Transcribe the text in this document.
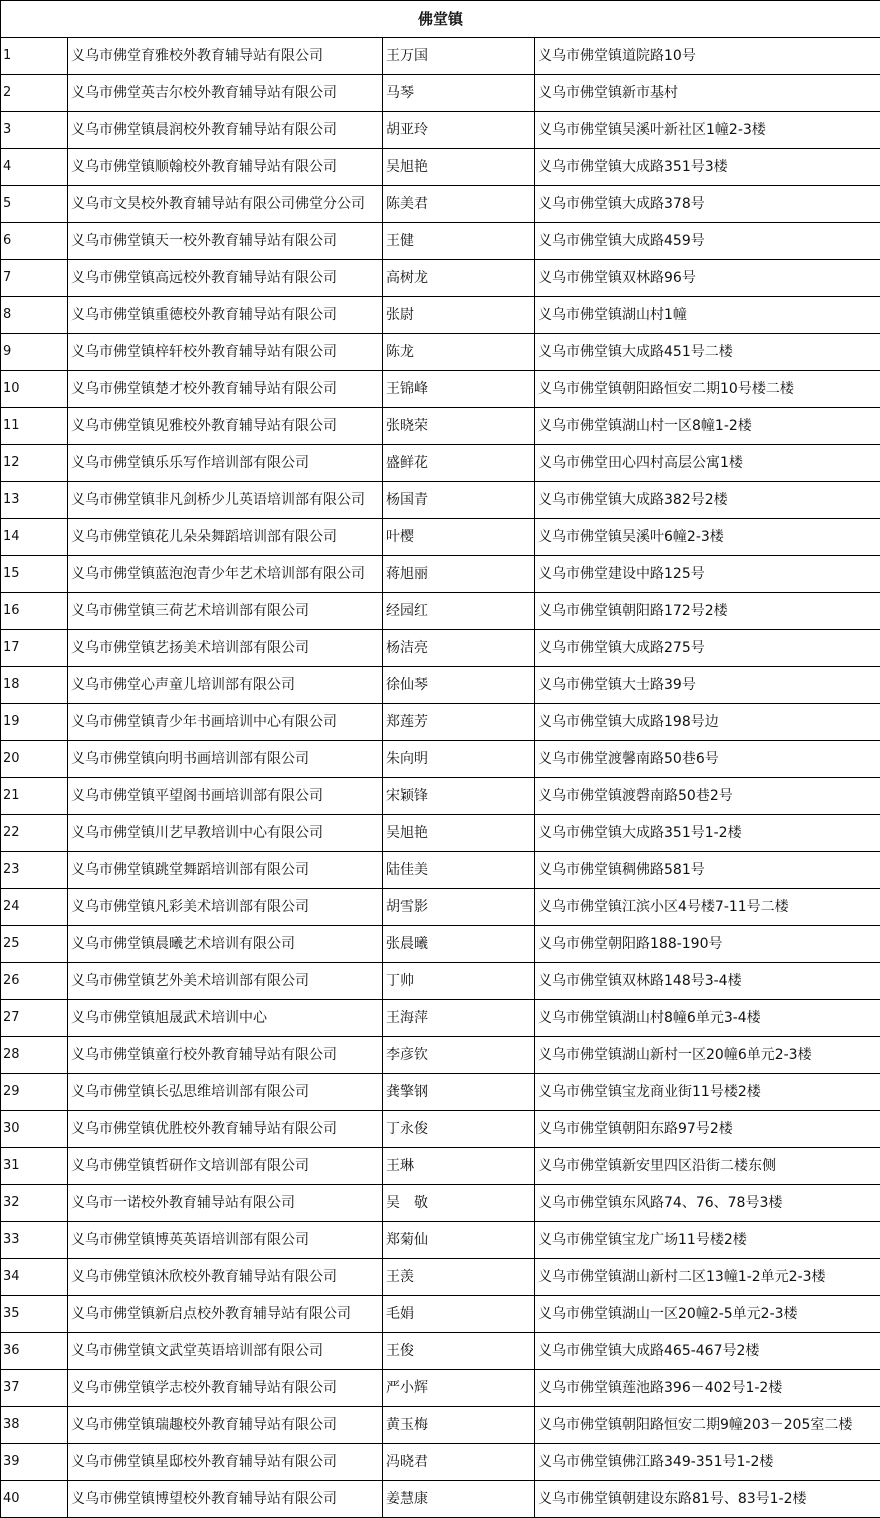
佛堂镇			
1	义乌市佛堂育雅校外教育辅导站有限公司	王万国	义乌市佛堂镇道院路10号
2	义乌市佛堂英吉尔校外教育辅导站有限公司	马琴	义乌市佛堂镇新市基村
3	义乌市佛堂镇晨润校外教育辅导站有限公司	胡亚玲	义乌市佛堂镇吴溪叶新社区1幢2-3楼
4	义乌市佛堂镇顺翰校外教育辅导站有限公司	吴旭艳	义乌市佛堂镇大成路351号3楼
5	义乌市文昊校外教育辅导站有限公司佛堂分公司	陈美君	义乌市佛堂镇大成路378号
6	义乌市佛堂镇天一校外教育辅导站有限公司	王健	义乌市佛堂镇大成路459号
7	义乌市佛堂镇高远校外教育辅导站有限公司	高树龙	义乌市佛堂镇双林路96号
8	义乌市佛堂镇重德校外教育辅导站有限公司	张尉	义乌市佛堂镇湖山村1幢
9	义乌市佛堂镇梓轩校外教育辅导站有限公司	陈龙	义乌市佛堂镇大成路451号二楼
10	义乌市佛堂镇楚才校外教育辅导站有限公司	王锦峰	义乌市佛堂镇朝阳路恒安二期10号楼二楼
11	义乌市佛堂镇见雅校外教育辅导站有限公司	张晓荣	义乌市佛堂镇湖山村一区8幢1-2楼
12	义乌市佛堂镇乐乐写作培训部有限公司	盛鲜花	义乌市佛堂田心四村高层公寓1楼
13	义乌市佛堂镇非凡剑桥少儿英语培训部有限公司	杨国青	义乌市佛堂镇大成路382号2楼
14	义乌市佛堂镇花儿朵朵舞蹈培训部有限公司	叶樱	义乌市佛堂镇吴溪叶6幢2-3楼
15	义乌市佛堂镇蓝泡泡青少年艺术培训部有限公司	蒋旭丽	义乌市佛堂建设中路125号
16	义乌市佛堂镇三荷艺术培训部有限公司	经园红	义乌市佛堂镇朝阳路172号2楼
17	义乌市佛堂镇艺扬美术培训部有限公司	杨洁亮	义乌市佛堂镇大成路275号
18	义乌市佛堂心声童儿培训部有限公司	徐仙琴	义乌市佛堂镇大士路39号
19	义乌市佛堂镇青少年书画培训中心有限公司	郑莲芳	义乌市佛堂镇大成路198号边
20	义乌市佛堂镇向明书画培训部有限公司	朱向明	义乌市佛堂渡馨南路50巷6号
21	义乌市佛堂镇平望阁书画培训部有限公司	宋颖锋	义乌市佛堂镇渡磬南路50巷2号
22	义乌市佛堂镇川艺早教培训中心有限公司	吴旭艳	义乌市佛堂镇大成路351号1-2楼
23	义乌市佛堂镇跳堂舞蹈培训部有限公司	陆佳美	义乌市佛堂镇稠佛路581号
24	义乌市佛堂镇凡彩美术培训部有限公司	胡雪影	义乌市佛堂镇江滨小区4号楼7-11号二楼
25	义乌市佛堂镇晨曦艺术培训有限公司	张晨曦	义乌市佛堂朝阳路188-190号
26	义乌市佛堂镇艺外美术培训部有限公司	丁帅	义乌市佛堂镇双林路148号3-4楼
27	义乌市佛堂镇旭晟武术培训中心	王海萍	义乌市佛堂镇湖山村8幢6单元3-4楼
28	义乌市佛堂镇童行校外教育辅导站有限公司	李彦钦	义乌市佛堂镇湖山新村一区20幢6单元2-3楼
29	义乌市佛堂镇长弘思维培训部有限公司	龚擎钢	义乌市佛堂镇宝龙商业街11号楼2楼
30	义乌市佛堂镇优胜校外教育辅导站有限公司	丁永俊	义乌市佛堂镇朝阳东路97号2楼
31	义乌市佛堂镇哲研作文培训部有限公司	王琳	义乌市佛堂镇新安里四区沿街二楼东侧
32	义乌市一诺校外教育辅导站有限公司	吴　敬	义乌市佛堂镇东风路74、76、78号3楼
33	义乌市佛堂镇博英英语培训部有限公司	郑菊仙	义乌市佛堂镇宝龙广场11号楼2楼
34	义乌市佛堂镇沐欣校外教育辅导站有限公司	王羡	义乌市佛堂镇湖山新村二区13幢1-2单元2-3楼
35	义乌市佛堂镇新启点校外教育辅导站有限公司	毛娟	义乌市佛堂镇湖山一区20幢2-5单元2-3楼
36	义乌市佛堂镇文武堂英语培训部有限公司	王俊	义乌市佛堂镇大成路465-467号2楼
37	义乌市佛堂镇学志校外教育辅导站有限公司	严小辉	义乌市佛堂镇莲池路396－402号1-2楼
38	义乌市佛堂镇瑞趣校外教育辅导站有限公司	黄玉梅	义乌市佛堂镇朝阳路恒安二期9幢203－205室二楼
39	义乌市佛堂镇星邸校外教育辅导站有限公司	冯晓君	义乌市佛堂镇佛江路349-351号1-2楼
40	义乌市佛堂镇博望校外教育辅导站有限公司	姜慧康	义乌市佛堂镇朝建设东路81号、83号1-2楼
